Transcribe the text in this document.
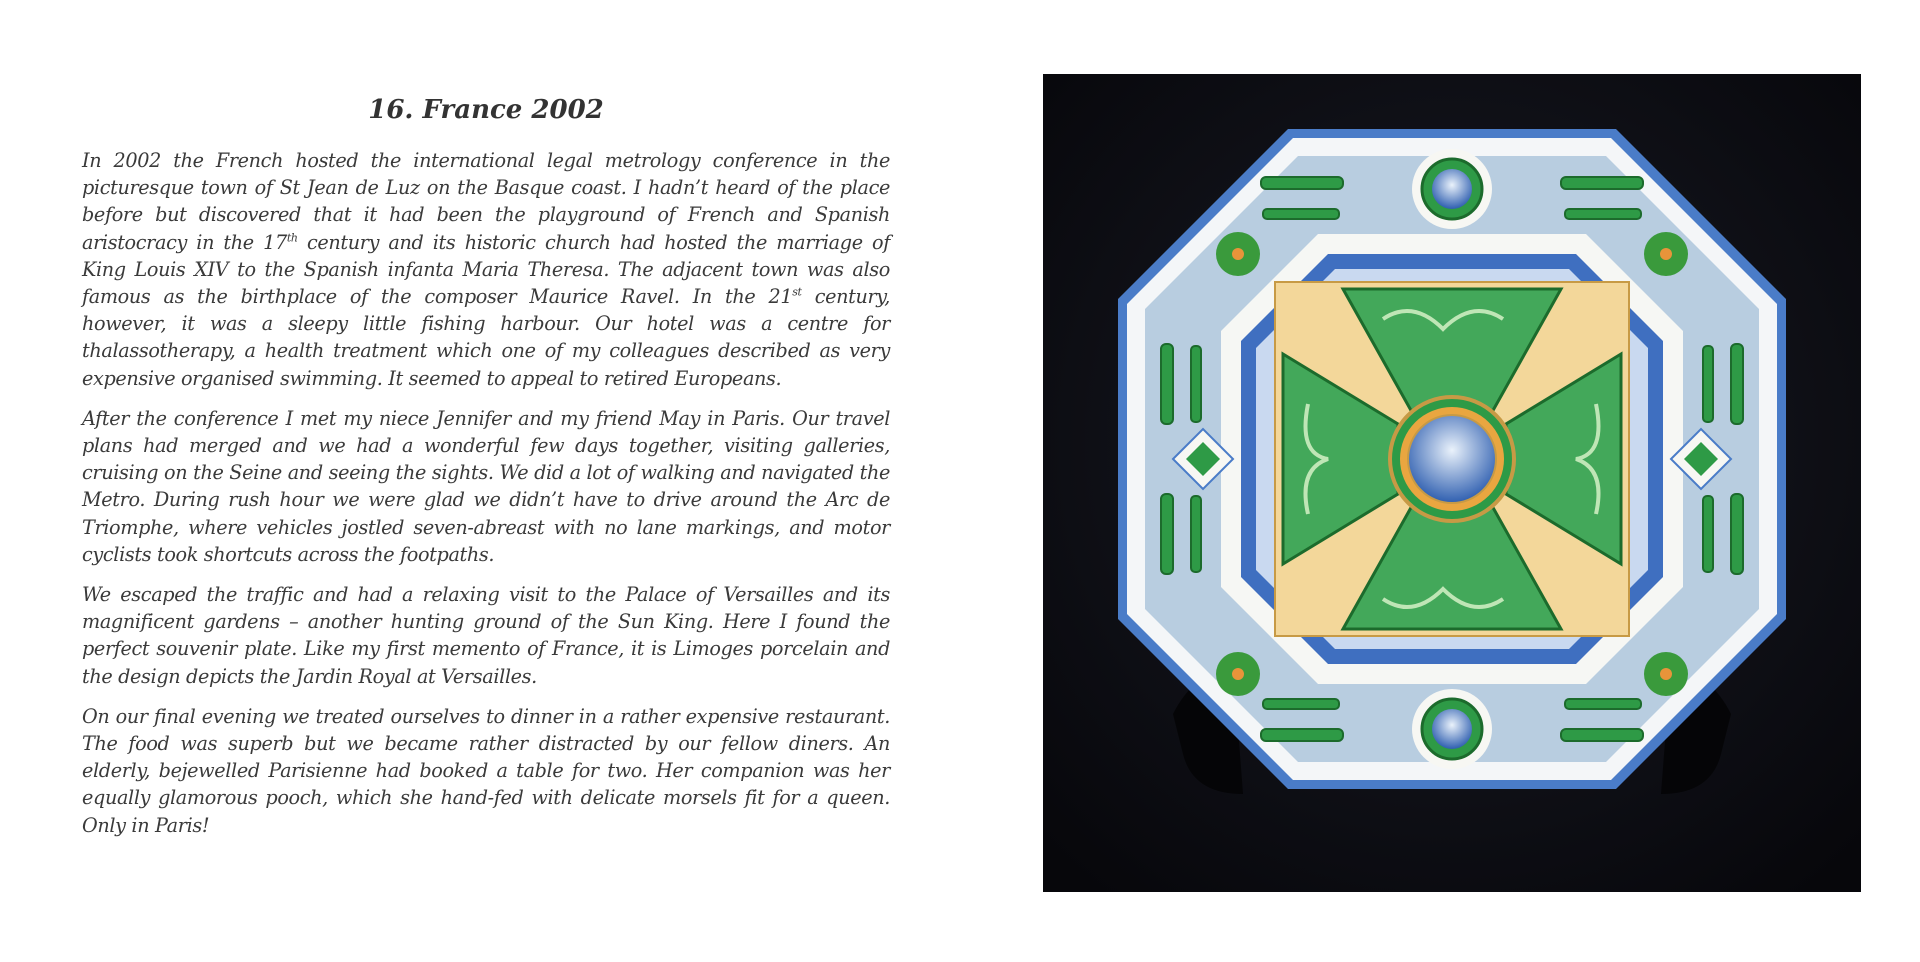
16. France 2002

In 2002 the French hosted the international legal metrology conference in the picturesque town of St Jean de Luz on the Basque coast. I hadn’t heard of the place before but discovered that it had been the playground of French and Spanish aristocracy in the 17th century and its historic church had hosted the marriage of King Louis XIV to the Spanish infanta Maria Theresa. The adjacent town was also famous as the birthplace of the composer Maurice Ravel. In the 21st century, however, it was a sleepy little fishing harbour. Our hotel was a centre for thalassotherapy, a health treatment which one of my colleagues described as very expensive organised swimming. It seemed to appeal to retired Europeans.

After the conference I met my niece Jennifer and my friend May in Paris. Our travel plans had merged and we had a wonderful few days together, visiting galleries, cruising on the Seine and seeing the sights. We did a lot of walking and navigated the Metro. During rush hour we were glad we didn’t have to drive around the Arc de Triomphe, where vehicles jostled seven-abreast with no lane markings, and motor cyclists took shortcuts across the footpaths.

We escaped the traffic and had a relaxing visit to the Palace of Versailles and its magnificent gardens – another hunting ground of the Sun King. Here I found the perfect souvenir plate. Like my first memento of France, it is Limoges porcelain and the design depicts the Jardin Royal at Versailles.

On our final evening we treated ourselves to dinner in a rather expensive restaurant. The food was superb but we became rather distracted by our fellow diners. An elderly, bejewelled Parisienne had booked a table for two. Her companion was her equally glamorous pooch, which she hand-fed with delicate morsels fit for a queen. Only in Paris!
